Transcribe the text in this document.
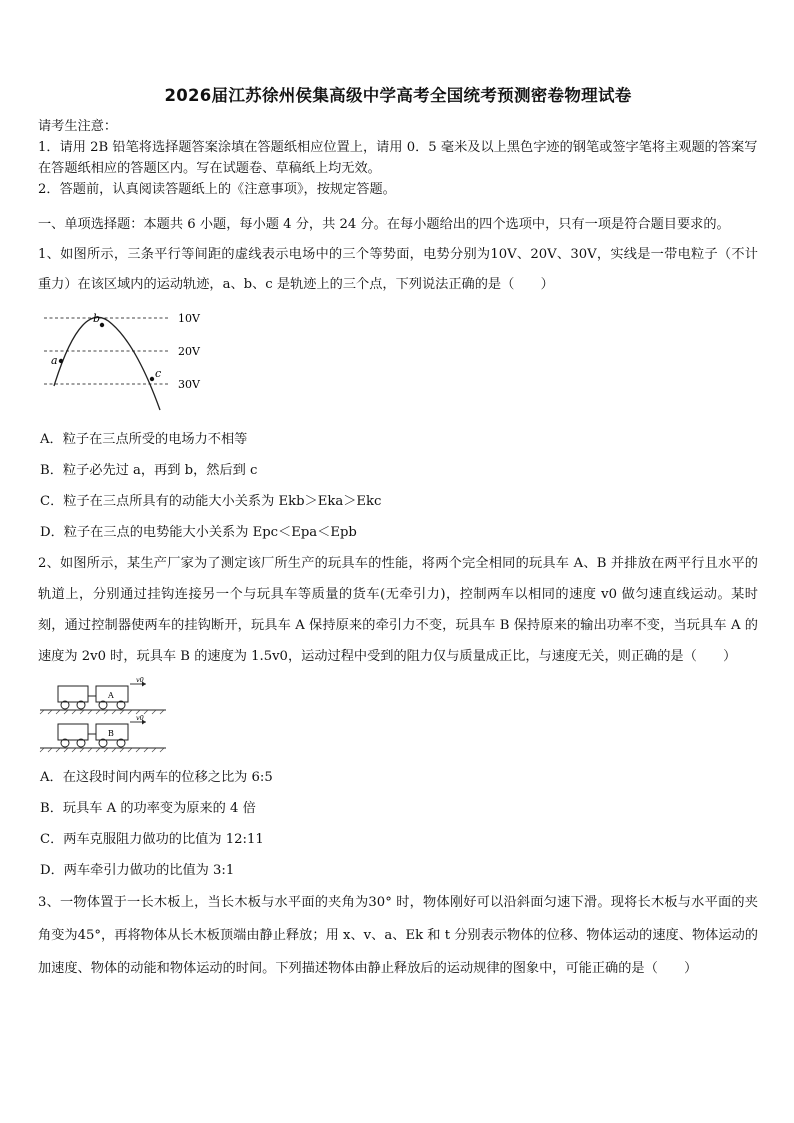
2026届江苏徐州侯集高级中学高考全国统考预测密卷物理试卷

请考生注意：

1．请用 2B 铅笔将选择题答案涂填在答题纸相应位置上，请用 0．5 毫米及以上黑色字迹的钢笔或签字笔将主观题的答案写在答题纸相应的答题区内。写在试题卷、草稿纸上均无效。

2．答题前，认真阅读答题纸上的《注意事项》，按规定答题。

一、单项选择题：本题共 6 小题，每小题 4 分，共 24 分。在每小题给出的四个选项中，只有一项是符合题目要求的。

1、如图所示，三条平行等间距的虚线表示电场中的三个等势面，电势分别为10V、20V、30V，实线是一带电粒子（不计重力）在该区域内的运动轨迹，a、b、c 是轨迹上的三个点，下列说法正确的是（　　）

a
b
c
10V
20V
30V

A．粒子在三点所受的电场力不相等

B．粒子必先过 a，再到 b，然后到 c

C．粒子在三点所具有的动能大小关系为 Ekb＞Eka＞Ekc

D．粒子在三点的电势能大小关系为 Epc＜Epa＜Epb

2、如图所示，某生产厂家为了测定该厂所生产的玩具车的性能，将两个完全相同的玩具车 A、B 并排放在两平行且水平的轨道上，分别通过挂钩连接另一个与玩具车等质量的货车(无牵引力)，控制两车以相同的速度 v0 做匀速直线运动。某时刻，通过控制器使两车的挂钩断开，玩具车 A 保持原来的牵引力不变，玩具车 B 保持原来的输出功率不变，当玩具车 A 的速度为 2v0 时，玩具车 B 的速度为 1.5v0，运动过程中受到的阻力仅与质量成正比，与速度无关，则正确的是（　　）

v0
A
v0
B

A．在这段时间内两车的位移之比为 6:5

B．玩具车 A 的功率变为原来的 4 倍

C．两车克服阻力做功的比值为 12:11

D．两车牵引力做功的比值为 3:1

3、一物体置于一长木板上，当长木板与水平面的夹角为30° 时，物体刚好可以沿斜面匀速下滑。现将长木板与水平面的夹角变为45°，再将物体从长木板顶端由静止释放；用 x、v、a、Ek 和 t 分别表示物体的位移、物体运动的速度、物体运动的加速度、物体的动能和物体运动的时间。下列描述物体由静止释放后的运动规律的图象中，可能正确的是（　　）
